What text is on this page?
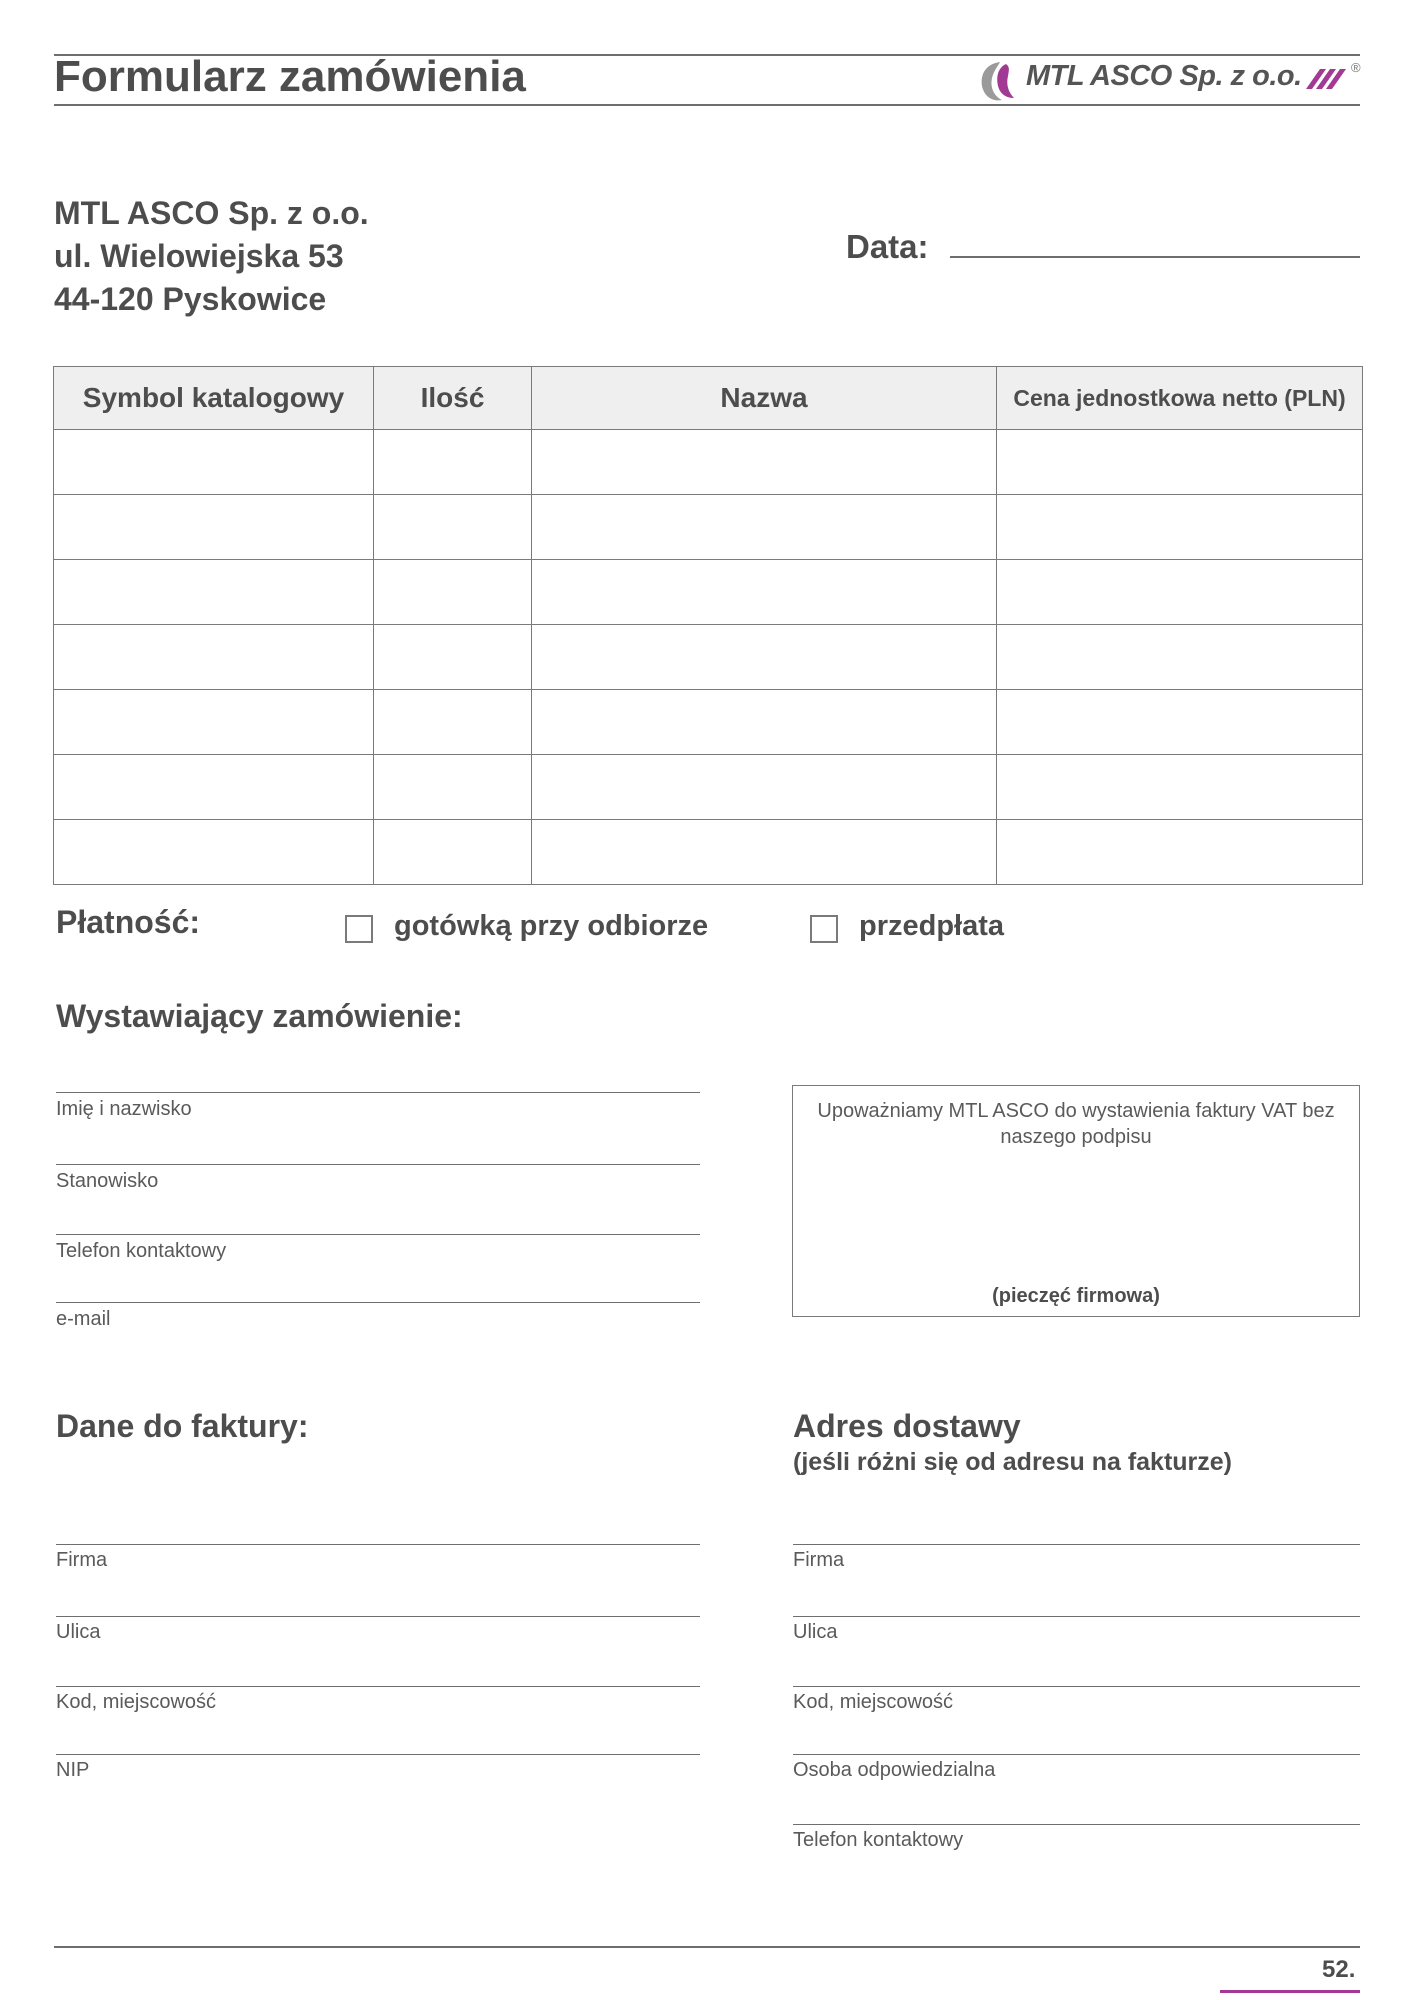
Formularz zamówienia	MTL ASCO Sp. z o.o.	®
MTL ASCO Sp. z o.o.
ul. Wielowiejska 53
44-120 Pyskowice
Data:
Symbol katalogowy	Ilość	Nazwa	Cena jednostkowa netto (PLN)

Płatność:	gotówką przy odbiorze	przedpłata
Wystawiający zamówienie:
Imię i nazwisko
Stanowisko
Telefon kontaktowy
e-mail
Upoważniamy MTL ASCO do wystawienia faktury VAT bez naszego podpisu
(pieczęć firmowa)
Dane do faktury:
Firma
Ulica
Kod, miejscowość
NIP
Adres dostawy
(jeśli różni się od adresu na fakturze)
Firma
Ulica
Kod, miejscowość
Osoba odpowiedzialna
Telefon kontaktowy
52.
